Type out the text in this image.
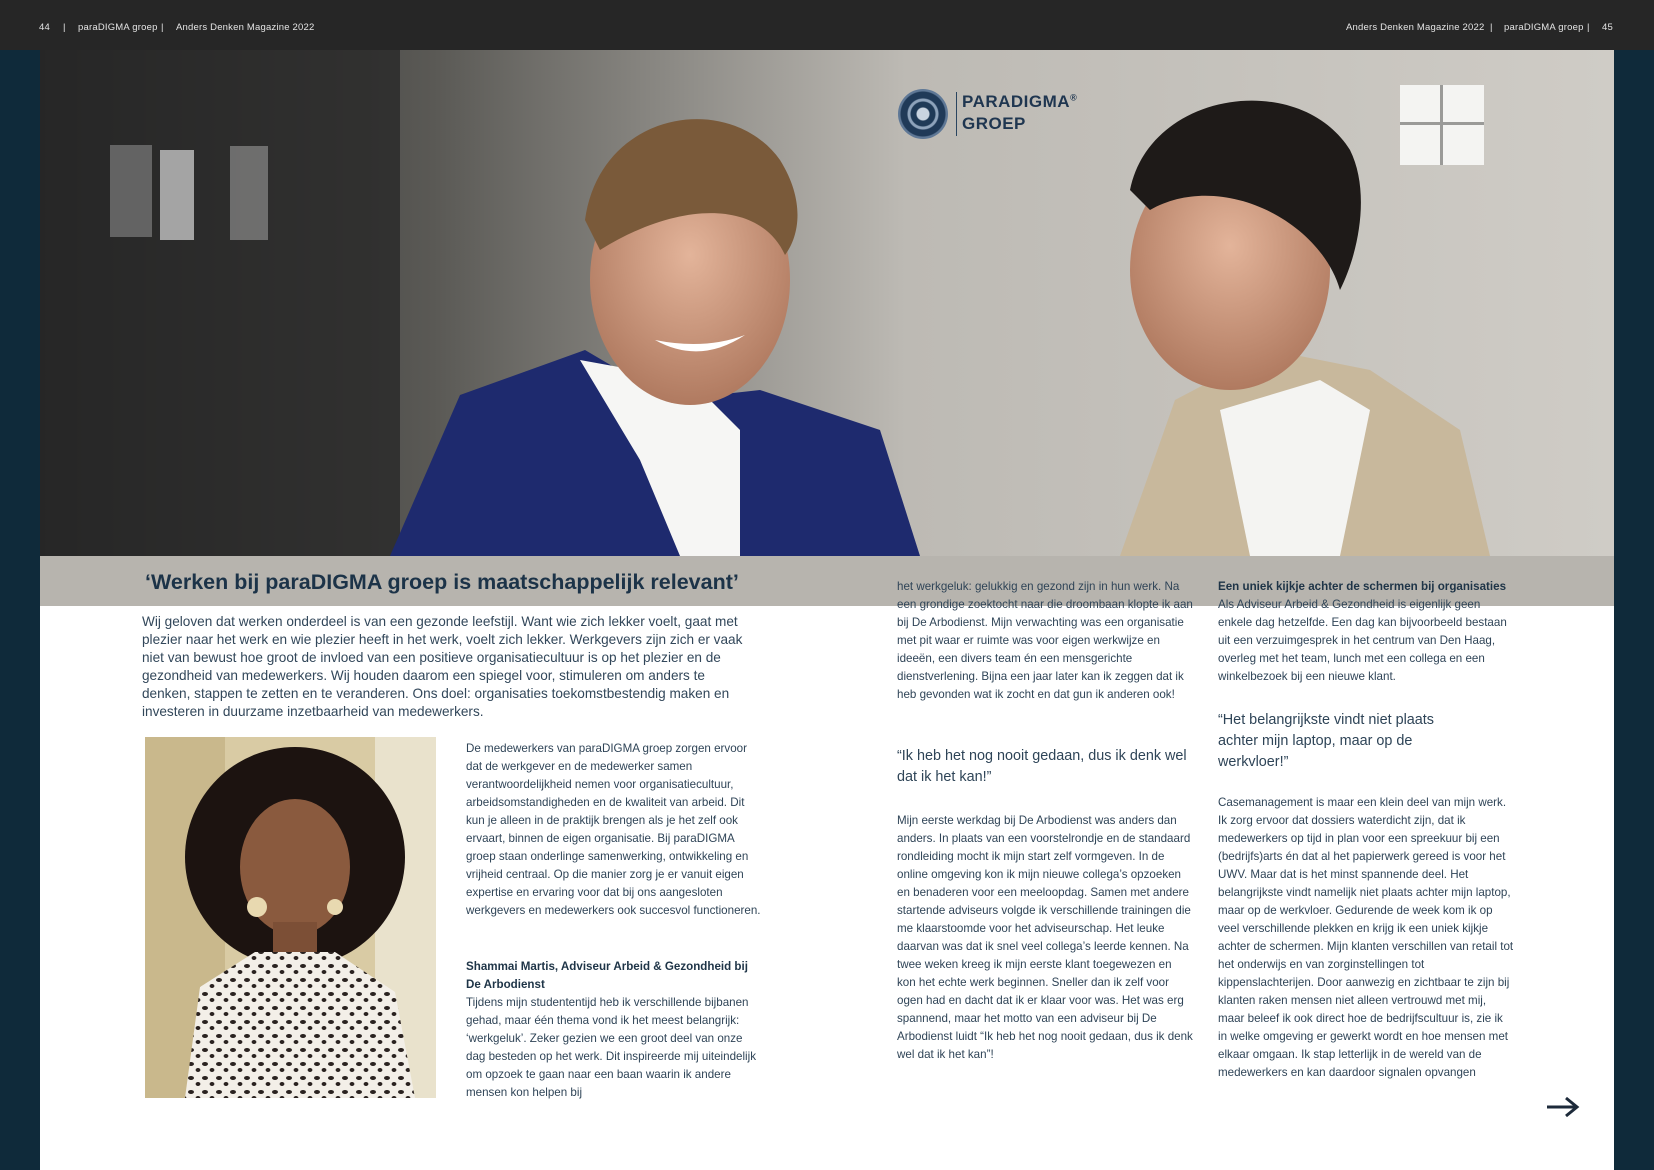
44 | paraDIGMA groep | Anders Denken Magazine 2022	Anders Denken Magazine 2022 | paraDIGMA groep | 45
PARADIGMA®
GROEP
‘Werken bij paraDIGMA groep is maatschappelijk relevant’

Wij geloven dat werken onderdeel is van een gezonde leefstijl. Want wie zich lekker voelt, gaat met plezier naar het werk en wie plezier heeft in het werk, voelt zich lekker. Werkgevers zijn zich er vaak niet van bewust hoe groot de invloed van een positieve organisatiecultuur is op het plezier en de gezondheid van medewerkers. Wij houden daarom een spiegel voor, stimuleren om anders te denken, stappen te zetten en te veranderen. Ons doel: organisaties toekomstbestendig maken en investeren in duurzame inzetbaarheid van medewerkers.

De medewerkers van paraDIGMA groep zorgen ervoor dat de werkgever en de medewerker samen verantwoordelijkheid nemen voor organisatiecultuur, arbeidsomstandigheden en de kwaliteit van arbeid. Dit kun je alleen in de praktijk brengen als je het zelf ook ervaart, binnen de eigen organisatie. Bij paraDIGMA groep staan onderlinge samenwerking, ontwikkeling en vrijheid centraal. Op die manier zorg je er vanuit eigen expertise en ervaring voor dat bij ons aangesloten werkgevers en medewerkers ook succesvol functioneren.

Shammai Martis, Adviseur Arbeid & Gezondheid bij De Arbodienst

Tijdens mijn studententijd heb ik verschillende bijbanen gehad, maar één thema vond ik het meest belangrijk: ‘werkgeluk’. Zeker gezien we een groot deel van onze dag besteden op het werk. Dit inspireerde mij uiteindelijk om opzoek te gaan naar een baan waarin ik andere mensen kon helpen bij

het werkgeluk: gelukkig en gezond zijn in hun werk. Na een grondige zoektocht naar die droombaan klopte ik aan bij De Arbodienst. Mijn verwachting was een organisatie met pit waar er ruimte was voor eigen werkwijze en ideeën, een divers team én een mensgerichte dienstverlening. Bijna een jaar later kan ik zeggen dat ik heb gevonden wat ik zocht en dat gun ik anderen ook!

“Ik heb het nog nooit gedaan, dus ik denk wel dat ik het kan!”

Mijn eerste werkdag bij De Arbodienst was anders dan anders. In plaats van een voorstelrondje en de standaard rondleiding mocht ik mijn start zelf vormgeven. In de online omgeving kon ik mijn nieuwe collega’s opzoeken en benaderen voor een meeloopdag. Samen met andere startende adviseurs volgde ik verschillende trainingen die me klaarstoomde voor het adviseurschap. Het leuke daarvan was dat ik snel veel collega’s leerde kennen. Na twee weken kreeg ik mijn eerste klant toegewezen en kon het echte werk beginnen. Sneller dan ik zelf voor ogen had en dacht dat ik er klaar voor was. Het was erg spannend, maar het motto van een adviseur bij De Arbodienst luidt “Ik heb het nog nooit gedaan, dus ik denk wel dat ik het kan”!

Een uniek kijkje achter de schermen bij organisaties

Als Adviseur Arbeid & Gezondheid is eigenlijk geen enkele dag hetzelfde. Een dag kan bijvoorbeeld bestaan uit een verzuimgesprek in het centrum van Den Haag, overleg met het team, lunch met een collega en een winkelbezoek bij een nieuwe klant.

“Het belangrijkste vindt niet plaats achter mijn laptop, maar op de werkvloer!”

Casemanagement is maar een klein deel van mijn werk. Ik zorg ervoor dat dossiers waterdicht zijn, dat ik medewerkers op tijd in plan voor een spreekuur bij een (bedrijfs)arts én dat al het papierwerk gereed is voor het UWV. Maar dat is het minst spannende deel. Het belangrijkste vindt namelijk niet plaats achter mijn laptop, maar op de werkvloer. Gedurende de week kom ik op veel verschillende plekken en krijg ik een uniek kijkje achter de schermen. Mijn klanten verschillen van retail tot het onderwijs en van zorginstellingen tot kippenslachterijen. Door aanwezig en zichtbaar te zijn bij klanten raken mensen niet alleen vertrouwd met mij, maar beleef ik ook direct hoe de bedrijfscultuur is, zie ik in welke omgeving er gewerkt wordt en hoe mensen met elkaar omgaan. Ik stap letterlijk in de wereld van de medewerkers en kan daardoor signalen opvangen
